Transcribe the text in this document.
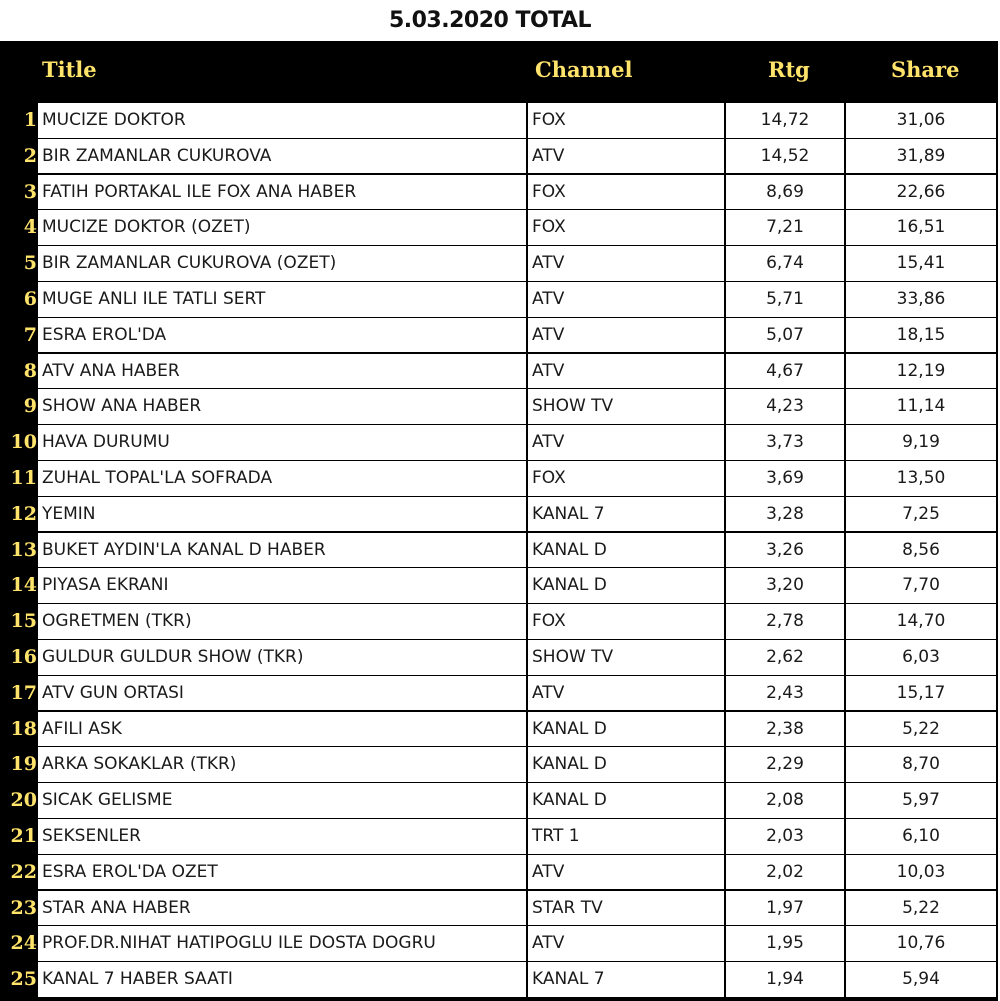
5.03.2020 TOTAL
Title	Channel	Rtg	Share
1 MUCIZE DOKTOR	FOX	14,72	31,06
2 BIR ZAMANLAR CUKUROVA	ATV	14,52	31,89
3 FATIH PORTAKAL ILE FOX ANA HABER	FOX	8,69	22,66
4 MUCIZE DOKTOR (OZET)	FOX	7,21	16,51
5 BIR ZAMANLAR CUKUROVA (OZET)	ATV	6,74	15,41
6 MUGE ANLI ILE TATLI SERT	ATV	5,71	33,86
7 ESRA EROL'DA	ATV	5,07	18,15
8 ATV ANA HABER	ATV	4,67	12,19
9 SHOW ANA HABER	SHOW TV	4,23	11,14
10 HAVA DURUMU	ATV	3,73	9,19
11 ZUHAL TOPAL'LA SOFRADA	FOX	3,69	13,50
12 YEMIN	KANAL 7	3,28	7,25
13 BUKET AYDIN'LA KANAL D HABER	KANAL D	3,26	8,56
14 PIYASA EKRANI	KANAL D	3,20	7,70
15 OGRETMEN (TKR)	FOX	2,78	14,70
16 GULDUR GULDUR SHOW (TKR)	SHOW TV	2,62	6,03
17 ATV GUN ORTASI	ATV	2,43	15,17
18 AFILI ASK	KANAL D	2,38	5,22
19 ARKA SOKAKLAR (TKR)	KANAL D	2,29	8,70
20 SICAK GELISME	KANAL D	2,08	5,97
21 SEKSENLER	TRT 1	2,03	6,10
22 ESRA EROL'DA OZET	ATV	2,02	10,03
23 STAR ANA HABER	STAR TV	1,97	5,22
24 PROF.DR.NIHAT HATIPOGLU ILE DOSTA DOGRU	ATV	1,95	10,76
25 KANAL 7 HABER SAATI	KANAL 7	1,94	5,94
